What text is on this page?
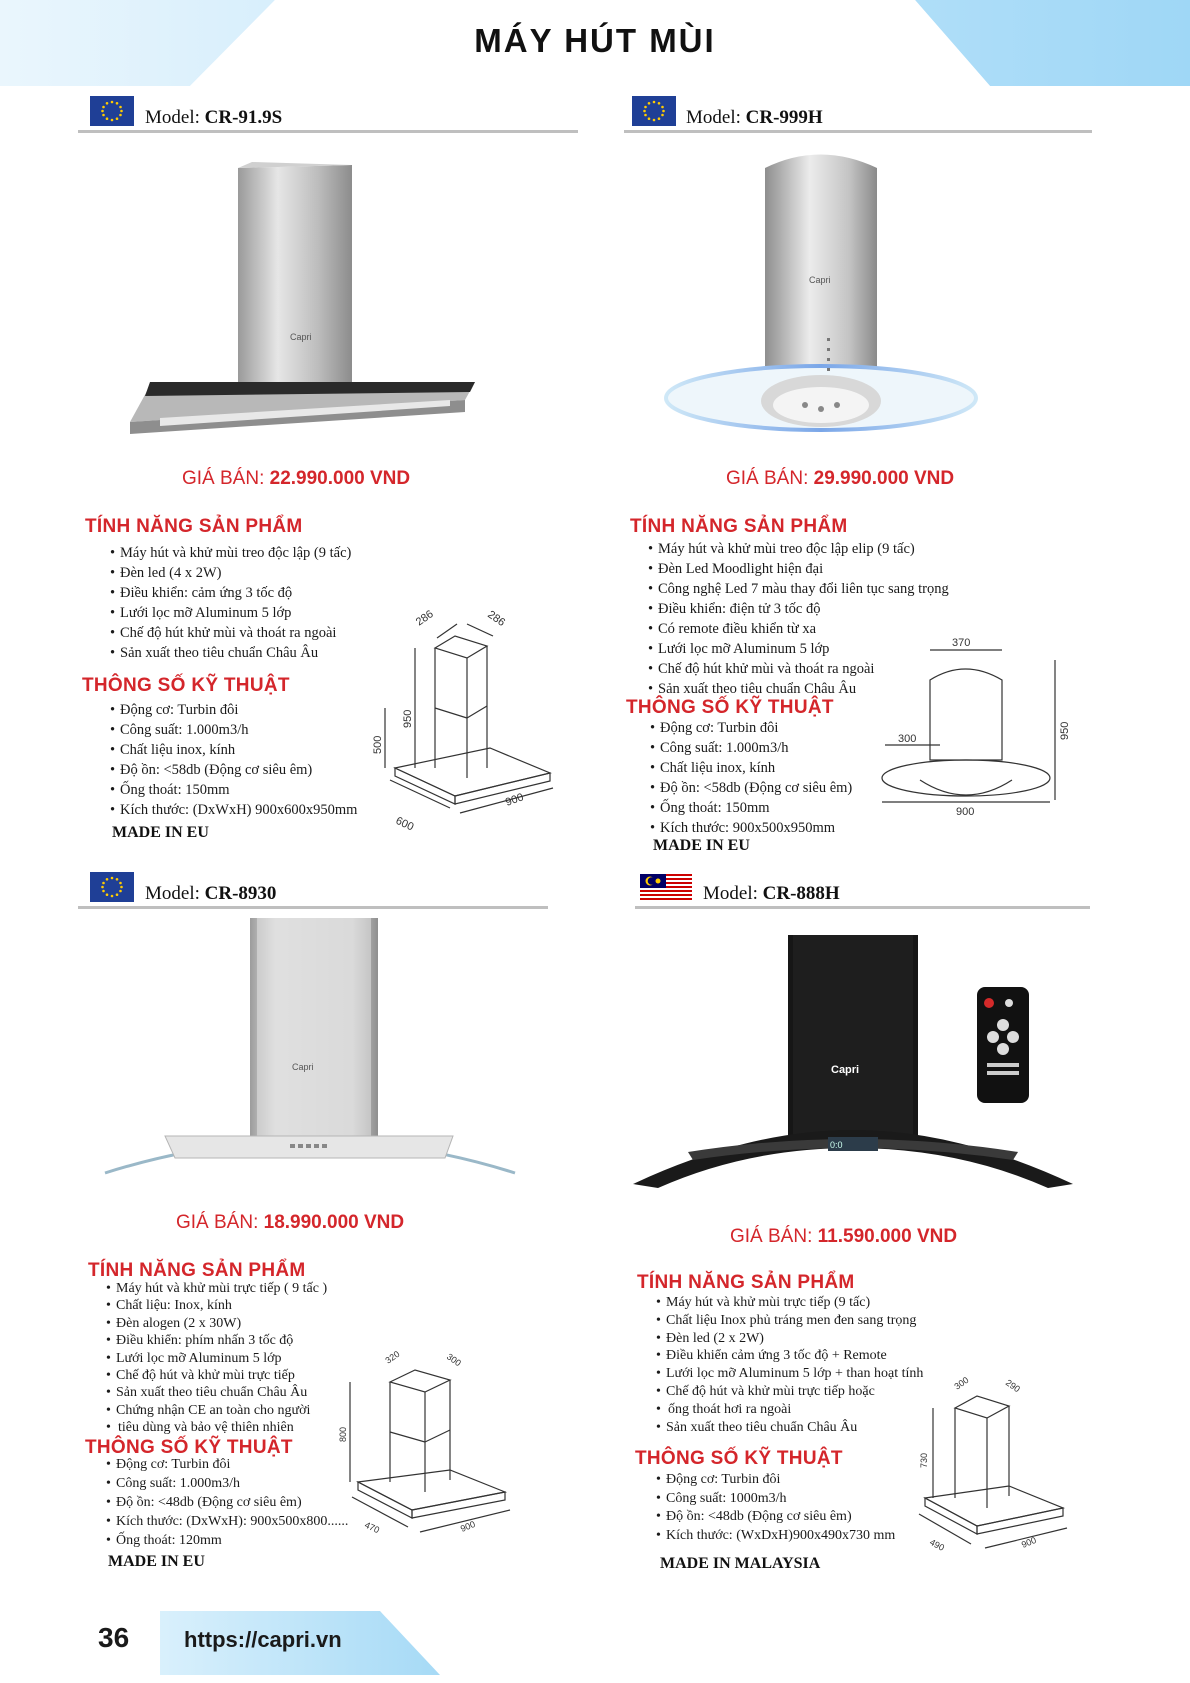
MÁY HÚT MÙI
Model: CR-91.9S
Capri
GIÁ BÁN: 22.990.000 VND
TÍNH NĂNG SẢN PHẨM
• Máy hút và khử mùi treo độc lập (9 tấc)
• Đèn led (4 x 2W)
• Điều khiển: cảm ứng 3 tốc độ
• Lưới lọc mỡ Aluminum 5 lớp
• Chế độ hút khử mùi và thoát ra ngoài
• Sản xuất theo tiêu chuẩn Châu Âu
THÔNG SỐ KỸ THUẬT
• Động cơ: Turbin đôi
• Công suất: 1.000m3/h
• Chất liệu inox, kính
• Độ ồn: <58db (Động cơ siêu êm)
• Ống thoát: 150mm
• Kích thước: (DxWxH) 900x600x950mm
MADE IN EU
286	286
950
500
600
900
Model: CR-999H
Capri
GIÁ BÁN: 29.990.000 VND
TÍNH NĂNG SẢN PHẨM
• Máy hút và khử mùi treo độc lập elip (9 tấc)
• Đèn Led Moodlight hiện đại
• Công nghệ Led 7 màu thay đổi liên tục sang trọng
• Điều khiển: điện tử 3 tốc độ
• Có remote điều khiển từ xa
• Lưới lọc mỡ Aluminum 5 lớp
• Chế độ hút khử mùi và thoát ra ngoài
• Sản xuất theo tiêu chuẩn Châu Âu
THÔNG SỐ KỸ THUẬT
• Động cơ: Turbin đôi
• Công suất: 1.000m3/h
• Chất liệu inox, kính
• Độ ồn: <58db (Động cơ siêu êm)
• Ống thoát: 150mm
• Kích thước: 900x500x950mm
MADE IN EU
370
300	950
900
Model: CR-8930
Capri
GIÁ BÁN: 18.990.000 VND
TÍNH NĂNG SẢN PHẨM
• Máy hút và khử mùi trực tiếp ( 9 tấc )
• Chất liệu: Inox, kính
• Đèn alogen (2 x 30W)
• Điều khiển: phím nhấn 3 tốc độ
• Lưới lọc mỡ Aluminum 5 lớp
• Chế độ hút và khử mùi trực tiếp
• Sản xuất theo tiêu chuẩn Châu Âu
• Chứng nhận CE an toàn cho người
• tiêu dùng và bảo vệ thiên nhiên
THÔNG SỐ KỸ THUẬT
• Động cơ: Turbin đôi
• Công suất: 1.000m3/h
• Độ ồn: <48db (Động cơ siêu êm)
• Kích thước: (DxWxH): 900x500x800......
• Ống thoát: 120mm
MADE IN EU
320	300
800
470	900
Model: CR-888H
0:0
Capri
GIÁ BÁN: 11.590.000 VND
TÍNH NĂNG SẢN PHẨM
• Máy hút và khử mùi trực tiếp (9 tấc)
• Chất liệu Inox phủ tráng men đen sang trọng
• Đèn led (2 x 2W)
• Điều khiển cảm ứng 3 tốc độ + Remote
• Lưới lọc mỡ Aluminum 5 lớp + than hoạt tính
• Chế độ hút và khử mùi trực tiếp hoặc
• ống thoát hơi ra ngoài
• Sản xuất theo tiêu chuẩn Châu Âu
THÔNG SỐ KỸ THUẬT
• Động cơ: Turbin đôi
• Công suất: 1000m3/h
• Độ ồn: <48db (Động cơ siêu êm)
• Kích thước: (WxDxH)900x490x730 mm
MADE IN MALAYSIA
300	290
730
490	900
36 https://capri.vn
